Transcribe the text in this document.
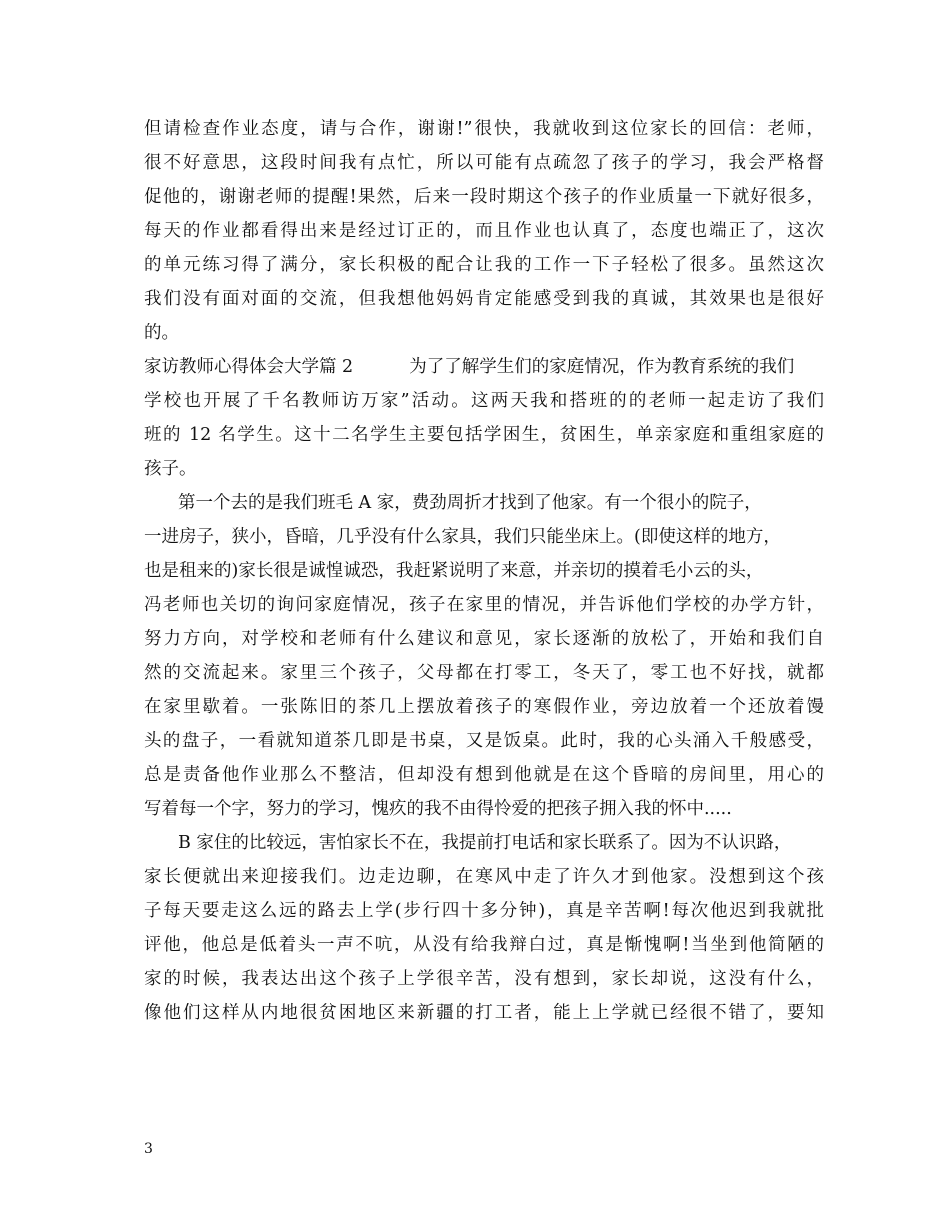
但请检查作业态度，请与合作，谢谢!”很快，我就收到这位家长的回信：老师，
很不好意思，这段时间我有点忙，所以可能有点疏忽了孩子的学习，我会严格督
促他的，谢谢老师的提醒!果然，后来一段时期这个孩子的作业质量一下就好很多，
每天的作业都看得出来是经过订正的，而且作业也认真了，态度也端正了，这次
的单元练习得了满分，家长积极的配合让我的工作一下子轻松了很多。虽然这次
我们没有面对面的交流，但我想他妈妈肯定能感受到我的真诚，其效果也是很好
的。
家访教师心得体会大学篇 2	为了了解学生们的家庭情况，作为教育系统的我们
学校也开展了千名教师访万家”活动。这两天我和搭班的的老师一起走访了我们
班的 12 名学生。这十二名学生主要包括学困生，贫困生，单亲家庭和重组家庭的
孩子。
第一个去的是我们班毛 A 家，费劲周折才找到了他家。有一个很小的院子，
一进房子，狭小，昏暗，几乎没有什么家具，我们只能坐床上。(即使这样的地方，
也是租来的)家长很是诚惶诚恐，我赶紧说明了来意，并亲切的摸着毛小云的头，
冯老师也关切的询问家庭情况，孩子在家里的情况，并告诉他们学校的办学方针，
努力方向，对学校和老师有什么建议和意见，家长逐渐的放松了，开始和我们自
然的交流起来。家里三个孩子，父母都在打零工，冬天了，零工也不好找，就都
在家里歇着。一张陈旧的茶几上摆放着孩子的寒假作业，旁边放着一个还放着馒
头的盘子，一看就知道茶几即是书桌，又是饭桌。此时，我的心头涌入千般感受，
总是责备他作业那么不整洁，但却没有想到他就是在这个昏暗的房间里，用心的
写着每一个字，努力的学习，愧疚的我不由得怜爱的把孩子拥入我的怀中.....
B 家住的比较远，害怕家长不在，我提前打电话和家长联系了。因为不认识路，
家长便就出来迎接我们。边走边聊，在寒风中走了许久才到他家。没想到这个孩
子每天要走这么远的路去上学(步行四十多分钟)，真是辛苦啊!每次他迟到我就批
评他，他总是低着头一声不吭，从没有给我辩白过，真是惭愧啊!当坐到他简陋的
家的时候，我表达出这个孩子上学很辛苦，没有想到，家长却说，这没有什么，
像他们这样从内地很贫困地区来新疆的打工者，能上上学就已经很不错了，要知
3
